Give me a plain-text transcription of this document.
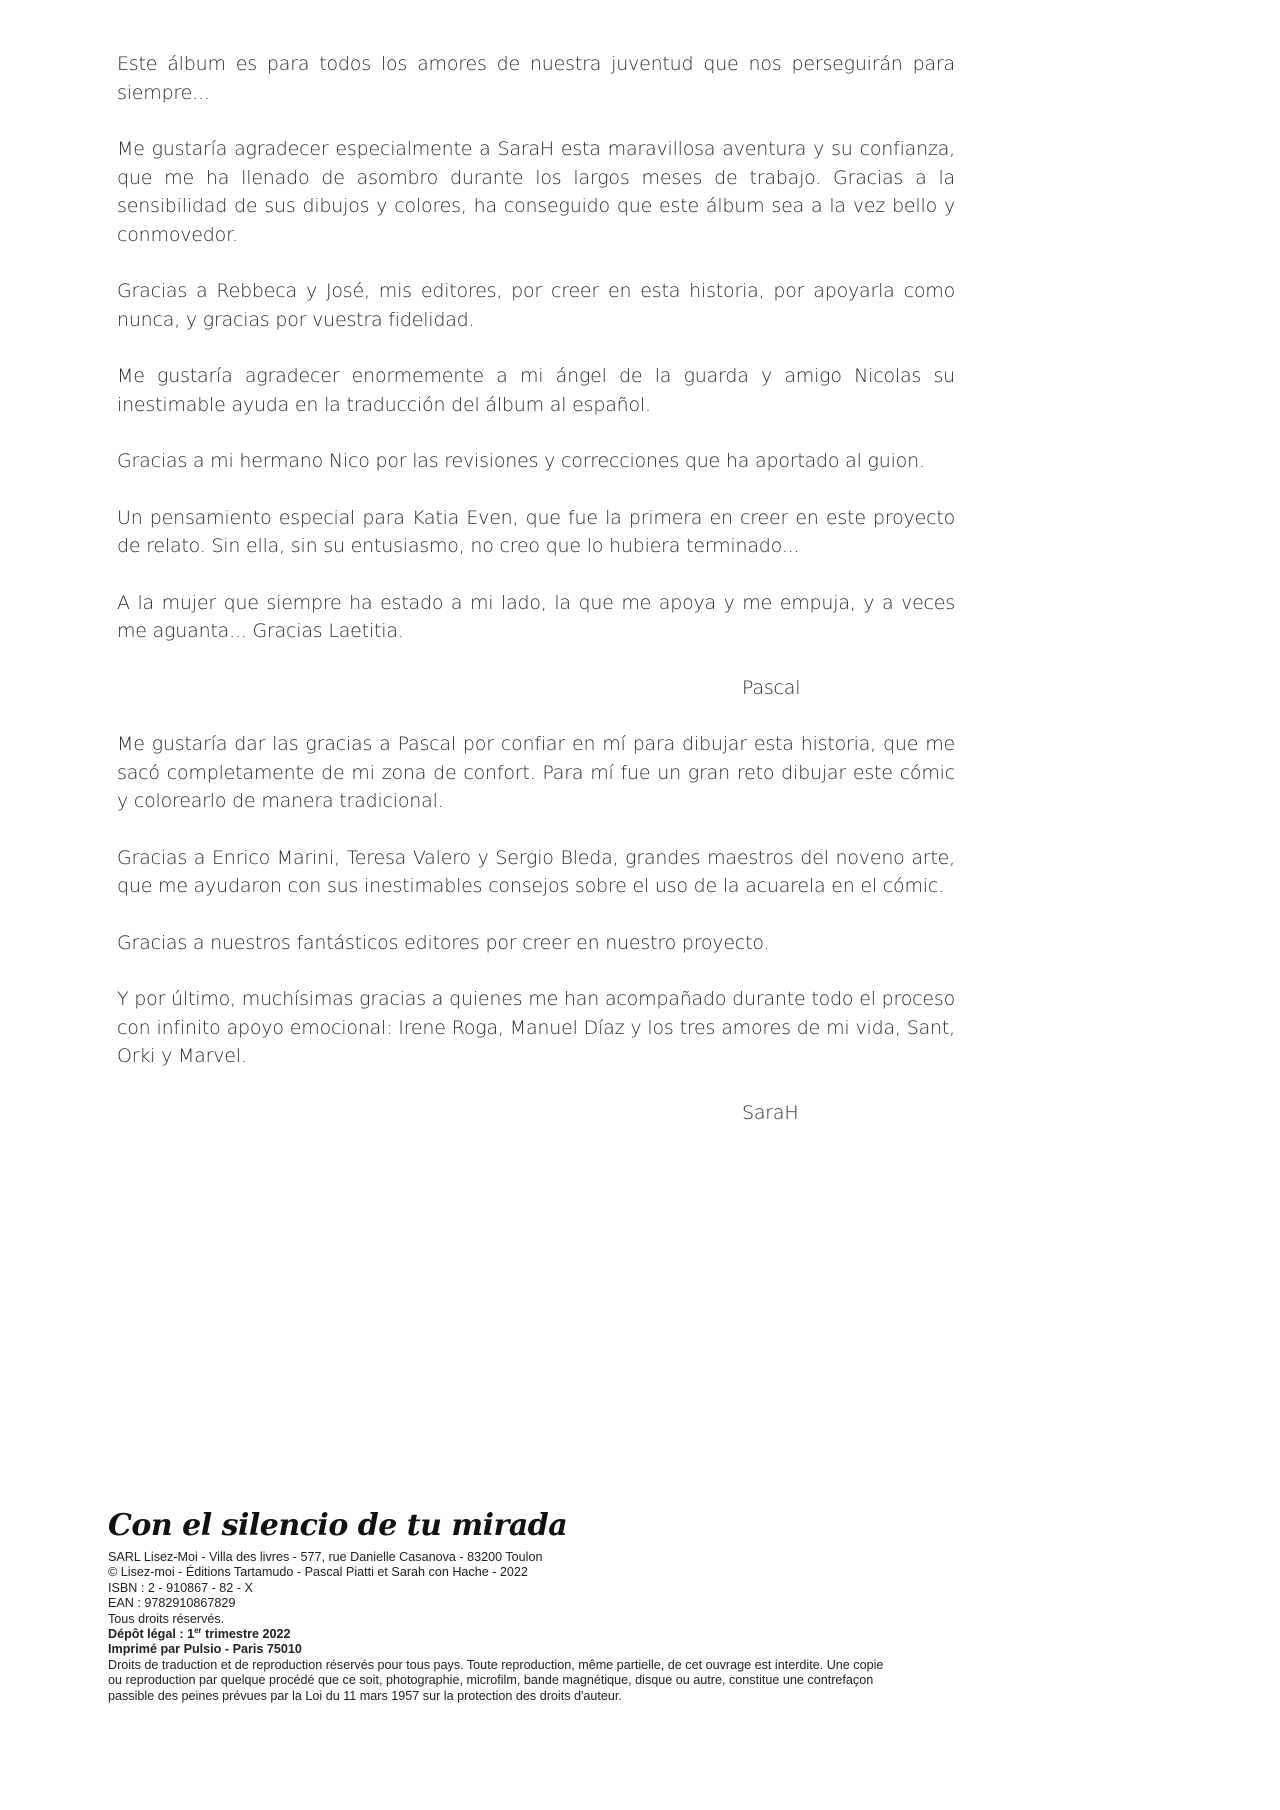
Este álbum es para todos los amores de nuestra juventud que nos perseguirán para siempre...

Me gustaría agradecer especialmente a SaraH esta maravillosa aventura y su confianza, que me ha llenado de asombro durante los largos meses de trabajo. Gracias a la sensibilidad de sus dibujos y colores, ha conseguido que este álbum sea a la vez bello y conmovedor.

Gracias a Rebbeca y José, mis editores, por creer en esta historia, por apoyarla como nunca, y gracias por vuestra fidelidad.

Me gustaría agradecer enormemente a mi ángel de la guarda y amigo Nicolas su inestimable ayuda en la traducción del álbum al español.

Gracias a mi hermano Nico por las revisiones y correcciones que ha aportado al guion.

Un pensamiento especial para Katia Even, que fue la primera en creer en este proyecto de relato. Sin ella, sin su entusiasmo, no creo que lo hubiera terminado...

A la mujer que siempre ha estado a mi lado, la que me apoya y me empuja, y a veces me aguanta... Gracias Laetitia.

Pascal

Me gustaría dar las gracias a Pascal por confiar en mí para dibujar esta historia, que me sacó completamente de mi zona de confort. Para mí fue un gran reto dibujar este cómic y colorearlo de manera tradicional.

Gracias a Enrico Marini, Teresa Valero y Sergio Bleda, grandes maestros del noveno arte, que me ayudaron con sus inestimables consejos sobre el uso de la acuarela en el cómic.

Gracias a nuestros fantásticos editores por creer en nuestro proyecto.

Y por último, muchísimas gracias a quienes me han acompañado durante todo el proceso con infinito apoyo emocional: Irene Roga, Manuel Díaz y los tres amores de mi vida, Sant, Orki y Marvel.

SaraH

Con el silencio de tu mirada

SARL Lisez-Moi - Villa des livres - 577, rue Danielle Casanova - 83200 Toulon

© Lisez-moi - Éditions Tartamudo - Pascal Piatti et Sarah con Hache - 2022

ISBN : 2 - 910867 - 82 - X

EAN : 9782910867829

Tous droits réservés.

Dépôt légal : 1er trimestre 2022

Imprimé par Pulsio - Paris 75010

Droits de traduction et de reproduction réservés pour tous pays. Toute reproduction, même partielle, de cet ouvrage est interdite. Une copie ou reproduction par quelque procédé que ce soit, photographie, microfilm, bande magnétique, disque ou autre, constitue une contrefaçon passible des peines prévues par la Loi du 11 mars 1957 sur la protection des droits d'auteur.
